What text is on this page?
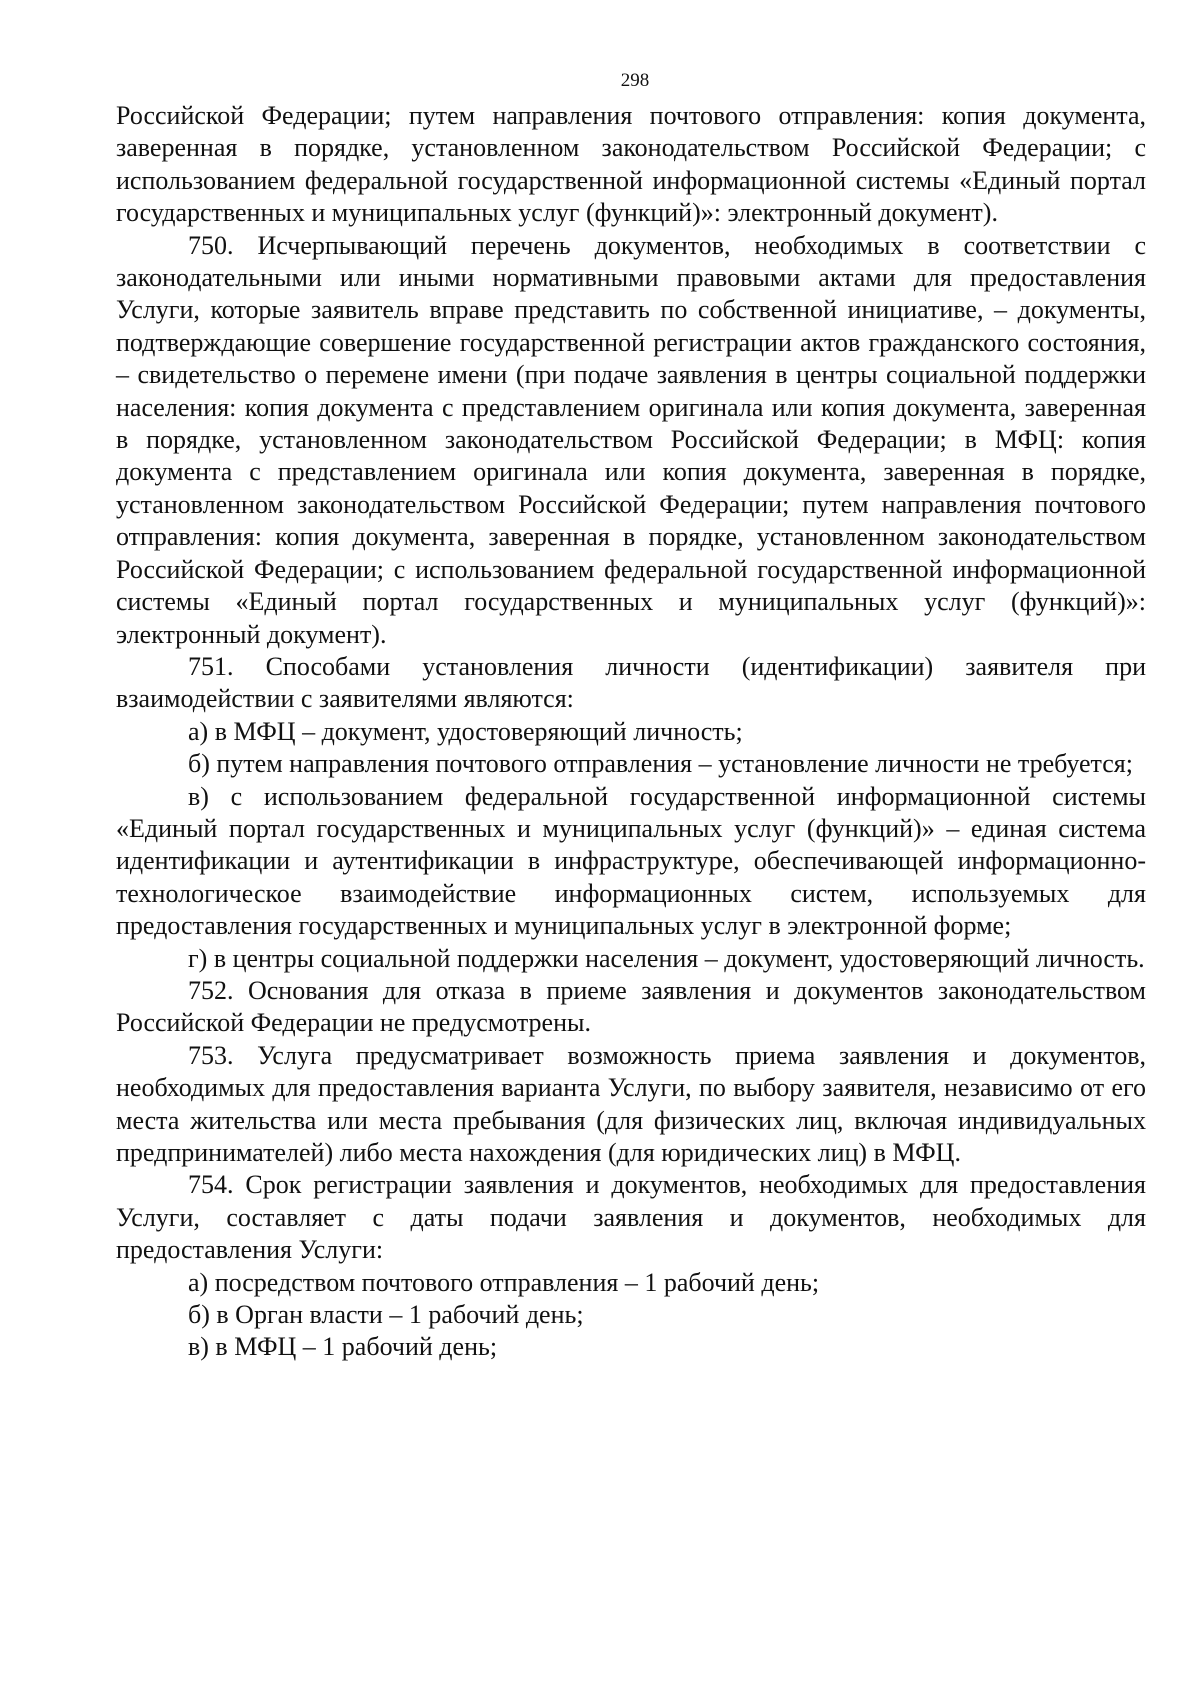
298

Российской Федерации; путем направления почтового отправления: копия документа, заверенная в порядке, установленном законодательством Российской Федерации; с использованием федеральной государственной информационной системы «Единый портал государственных и муниципальных услуг (функций)»: электронный документ).

750. Исчерпывающий перечень документов, необходимых в соответствии с законодательными или иными нормативными правовыми актами для предоставления Услуги, которые заявитель вправе представить по собственной инициативе, – документы, подтверждающие совершение государственной регистрации актов гражданского состояния, – свидетельство о перемене имени (при подаче заявления в центры социальной поддержки населения: копия документа с представлением оригинала или копия документа, заверенная в порядке, установленном законодательством Российской Федерации; в МФЦ: копия документа с представлением оригинала или копия документа, заверенная в порядке, установленном законодательством Российской Федерации; путем направления почтового отправления: копия документа, заверенная в порядке, установленном законодательством Российской Федерации; с использованием федеральной государственной информационной системы «Единый портал государственных и муниципальных услуг (функций)»: электронный документ).

751. Способами установления личности (идентификации) заявителя при взаимодействии с заявителями являются:

а) в МФЦ – документ, удостоверяющий личность;

б) путем направления почтового отправления – установление личности не требуется;

в) с использованием федеральной государственной информационной системы «Единый портал государственных и муниципальных услуг (функций)» – единая система идентификации и аутентификации в инфраструктуре, обеспечивающей информационно-технологическое взаимодействие информационных систем, используемых для предоставления государственных и муниципальных услуг в электронной форме;

г) в центры социальной поддержки населения – документ, удостоверяющий личность.

752. Основания для отказа в приеме заявления и документов законодательством Российской Федерации не предусмотрены.

753. Услуга предусматривает возможность приема заявления и документов, необходимых для предоставления варианта Услуги, по выбору заявителя, независимо от его места жительства или места пребывания (для физических лиц, включая индивидуальных предпринимателей) либо места нахождения (для юридических лиц) в МФЦ.

754. Срок регистрации заявления и документов, необходимых для предоставления Услуги, составляет с даты подачи заявления и документов, необходимых для предоставления Услуги:

а) посредством почтового отправления – 1 рабочий день;

б) в Орган власти – 1 рабочий день;

в) в МФЦ – 1 рабочий день;
